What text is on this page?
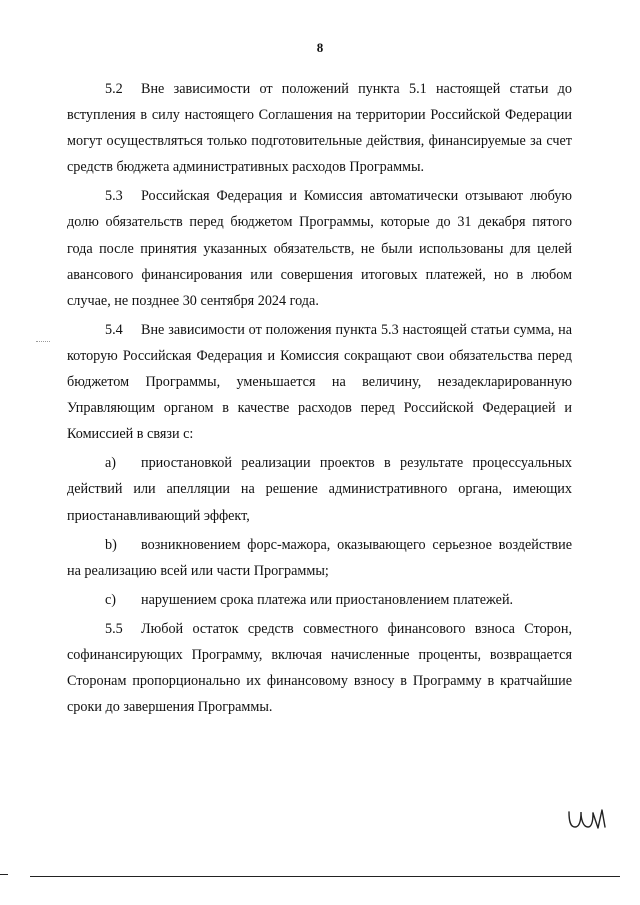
8

5.2 Вне зависимости от положений пункта 5.1 настоящей статьи до вступления в силу настоящего Соглашения на территории Российской Федерации могут осуществляться только подготовительные действия, финансируемые за счет средств бюджета административных расходов Программы.

5.3 Российская Федерация и Комиссия автоматически отзывают любую долю обязательств перед бюджетом Программы, которые до 31 декабря пятого года после принятия указанных обязательств, не были использованы для целей авансового финансирования или совершения итоговых платежей, но в любом случае, не позднее 30 сентября 2024 года.

5.4 Вне зависимости от положения пункта 5.3 настоящей статьи сумма, на которую Российская Федерация и Комиссия сокращают свои обязательства перед бюджетом Программы, уменьшается на величину, незадекларированную Управляющим органом в качестве расходов перед Российской Федерацией и Комиссией в связи с:

а) приостановкой реализации проектов в результате процессуальных действий или апелляции на решение административного органа, имеющих приостанавливающий эффект,

b) возникновением форс-мажора, оказывающего серьезное воздействие на реализацию всей или части Программы;

c) нарушением срока платежа или приостановлением платежей.

5.5 Любой остаток средств совместного финансового взноса Сторон, софинансирующих Программу, включая начисленные проценты, возвращается Сторонам пропорционально их финансовому взносу в Программу в кратчайшие сроки до завершения Программы.
